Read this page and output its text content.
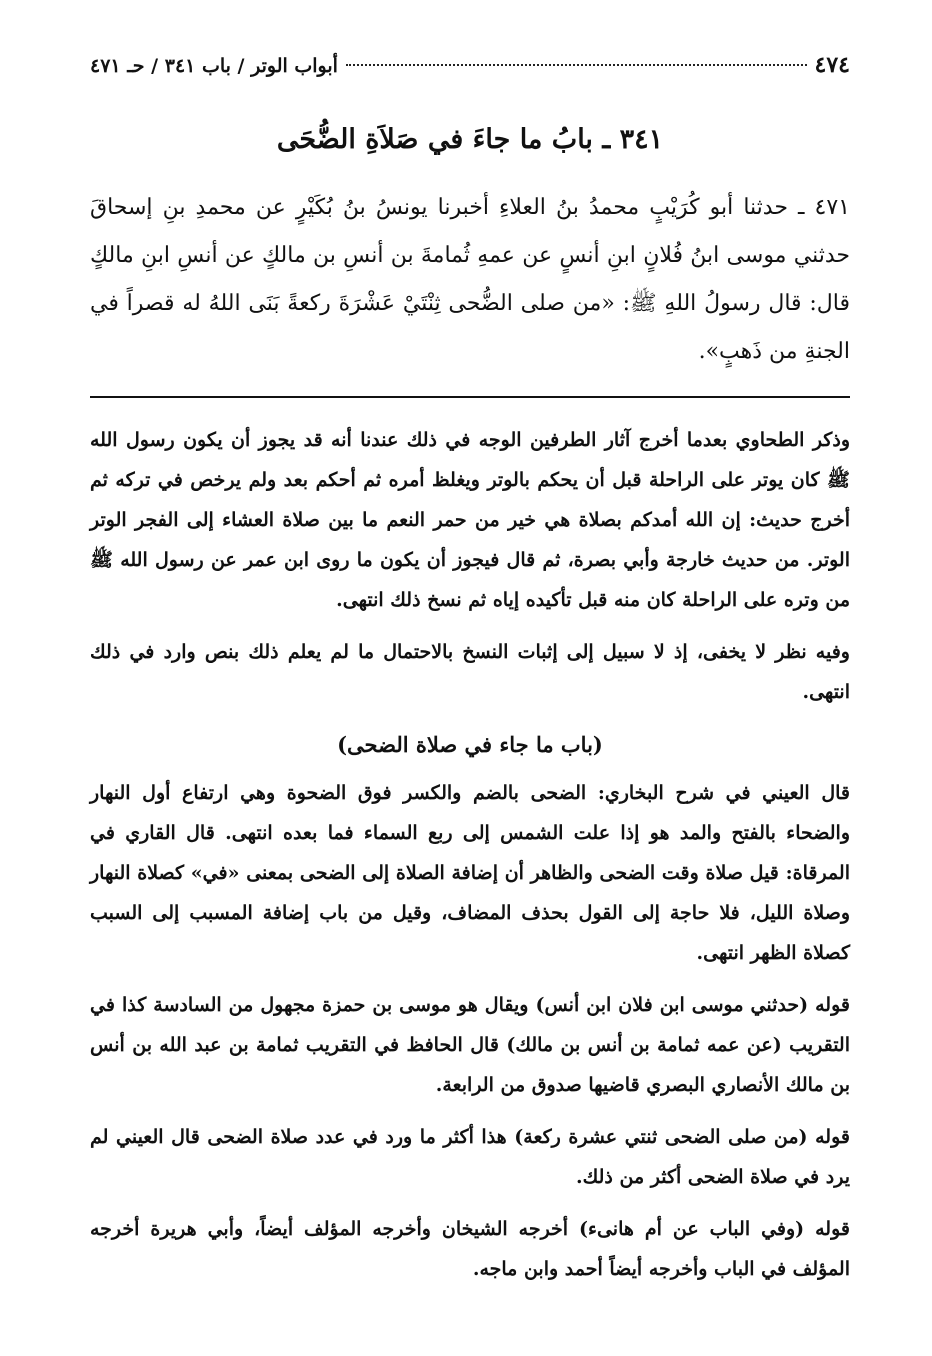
٤٧٤
أبواب الوتر / باب ٣٤١ / حـ ٤٧١
٣٤١ ـ بابُ ما جاءَ في صَلاَةِ الضُّحَى

٤٧١ ـ حدثنا أبو كُرَيْبٍ محمدُ بنُ العلاءِ أخبرنا يونسُ بنُ بُكَيْرٍ عن محمدِ بنِ إسحاقَ حدثني موسى ابنُ فُلانٍ ابنِ أنسٍ عن عمهِ ثُمامةَ بن أنسِ بن مالكٍ عن أنسِ ابنِ مالكٍ قال: قال رسولُ اللهِ ﷺ: «من صلى الضُّحى ثِنْتَيْ عَشْرَةَ ركعةً بَنَى اللهُ له قصراً في الجنةِ من ذَهبٍ».

وذكر الطحاوي بعدما أخرج آثار الطرفين الوجه في ذلك عندنا أنه قد يجوز أن يكون رسول الله ﷺ كان يوتر على الراحلة قبل أن يحكم بالوتر ويغلظ أمره ثم أحكم بعد ولم يرخص في تركه ثم أخرج حديث: إن الله أمدكم بصلاة هي خير من حمر النعم ما بين صلاة العشاء إلى الفجر الوتر الوتر. من حديث خارجة وأبي بصرة، ثم قال فيجوز أن يكون ما روى ابن عمر عن رسول الله ﷺ من وتره على الراحلة كان منه قبل تأكيده إياه ثم نسخ ذلك انتهى.

وفيه نظر لا يخفى، إذ لا سبيل إلى إثبات النسخ بالاحتمال ما لم يعلم ذلك بنص وارد في ذلك انتهى.

(باب ما جاء في صلاة الضحى)

قال العيني في شرح البخاري: الضحى بالضم والكسر فوق الضحوة وهي ارتفاع أول النهار والضحاء بالفتح والمد هو إذا علت الشمس إلى ربع السماء فما بعده انتهى. قال القاري في المرقاة: قيل صلاة وقت الضحى والظاهر أن إضافة الصلاة إلى الضحى بمعنى «في» كصلاة النهار وصلاة الليل، فلا حاجة إلى القول بحذف المضاف، وقيل من باب إضافة المسبب إلى السبب كصلاة الظهر انتهى.

قوله (حدثني موسى ابن فلان ابن أنس) ويقال هو موسى بن حمزة مجهول من السادسة كذا في التقريب (عن عمه ثمامة بن أنس بن مالك) قال الحافظ في التقريب ثمامة بن عبد الله بن أنس بن مالك الأنصاري البصري قاضيها صدوق من الرابعة.

قوله (من صلى الضحى ثنتي عشرة ركعة) هذا أكثر ما ورد في عدد صلاة الضحى قال العيني لم يرد في صلاة الضحى أكثر من ذلك.

قوله (وفي الباب عن أم هانىء) أخرجه الشيخان وأخرجه المؤلف أيضاً، وأبي هريرة أخرجه المؤلف في الباب وأخرجه أيضاً أحمد وابن ماجه.
